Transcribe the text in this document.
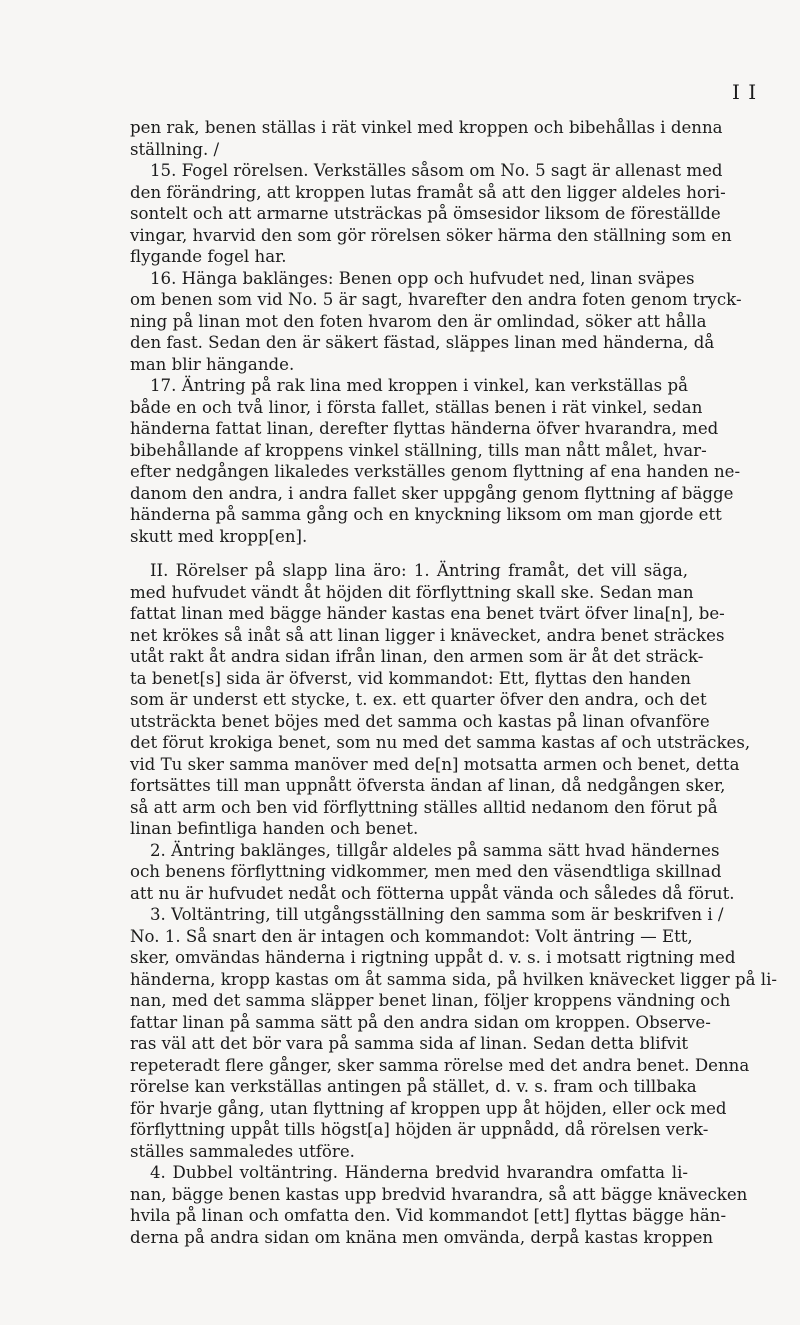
I I
pen rak, benen ställas i rät vinkel med kroppen och bibehållas i denna
ställning. /
15. Fogel rörelsen. Verkställes såsom om No. 5 sagt är allenast med
den förändring, att kroppen lutas framåt så att den ligger aldeles hori-
sontelt och att armarne utsträckas på ömsesidor liksom de föreställde
vingar, hvarvid den som gör rörelsen söker härma den ställning som en
flygande fogel har.
16. Hänga baklänges: Benen opp och hufvudet ned, linan sväpes
om benen som vid No. 5 är sagt, hvarefter den andra foten genom tryck-
ning på linan mot den foten hvarom den är omlindad, söker att hålla
den fast. Sedan den är säkert fästad, släppes linan med händerna, då
man blir hängande.
17. Äntring på rak lina med kroppen i vinkel, kan verkställas på
både en och två linor, i första fallet, ställas benen i rät vinkel, sedan
händerna fattat linan, derefter flyttas händerna öfver hvarandra, med
bibehållande af kroppens vinkel ställning, tills man nått målet, hvar-
efter nedgången likaledes verkställes genom flyttning af ena handen ne-
danom den andra, i andra fallet sker uppgång genom flyttning af bägge
händerna på samma gång och en knyckning liksom om man gjorde ett
skutt med kropp[en].
II. Rörelser på slapp lina äro: 1. Äntring framåt, det vill säga,
med hufvudet vändt åt höjden dit förflyttning skall ske. Sedan man
fattat linan med bägge händer kastas ena benet tvärt öfver lina[n], be-
net krökes så inåt så att linan ligger i knävecket, andra benet sträckes
utåt rakt åt andra sidan ifrån linan, den armen som är åt det sträck-
ta benet[s] sida är öfverst, vid kommandot: Ett, flyttas den handen
som är underst ett stycke, t. ex. ett quarter öfver den andra, och det
utsträckta benet böjes med det samma och kastas på linan ofvanföre
det förut krokiga benet, som nu med det samma kastas af och utsträckes,
vid Tu sker samma manöver med de[n] motsatta armen och benet, detta
fortsättes till man uppnått öfversta ändan af linan, då nedgången sker,
så att arm och ben vid förflyttning ställes alltid nedanom den förut på
linan befintliga handen och benet.
2. Äntring baklänges, tillgår aldeles på samma sätt hvad händernes
och benens förflyttning vidkommer, men med den väsendtliga skillnad
att nu är hufvudet nedåt och fötterna uppåt vända och således då förut.
3. Voltäntring, till utgångsställning den samma som är beskrifven i /
No. 1. Så snart den är intagen och kommandot: Volt äntring — Ett,
sker, omvändas händerna i rigtning uppåt d. v. s. i motsatt rigtning med
händerna, kropp kastas om åt samma sida, på hvilken knävecket ligger på li-
nan, med det samma släpper benet linan, följer kroppens vändning och
fattar linan på samma sätt på den andra sidan om kroppen. Observe-
ras väl att det bör vara på samma sida af linan. Sedan detta blifvit
repeteradt flere gånger, sker samma rörelse med det andra benet. Denna
rörelse kan verkställas antingen på stället, d. v. s. fram och tillbaka
för hvarje gång, utan flyttning af kroppen upp åt höjden, eller ock med
förflyttning uppåt tills högst[a] höjden är uppnådd, då rörelsen verk-
ställes sammaledes utföre.
4. Dubbel voltäntring. Händerna bredvid hvarandra omfatta li-
nan, bägge benen kastas upp bredvid hvarandra, så att bägge knävecken
hvila på linan och omfatta den. Vid kommandot [ett] flyttas bägge hän-
derna på andra sidan om knäna men omvända, derpå kastas kroppen
